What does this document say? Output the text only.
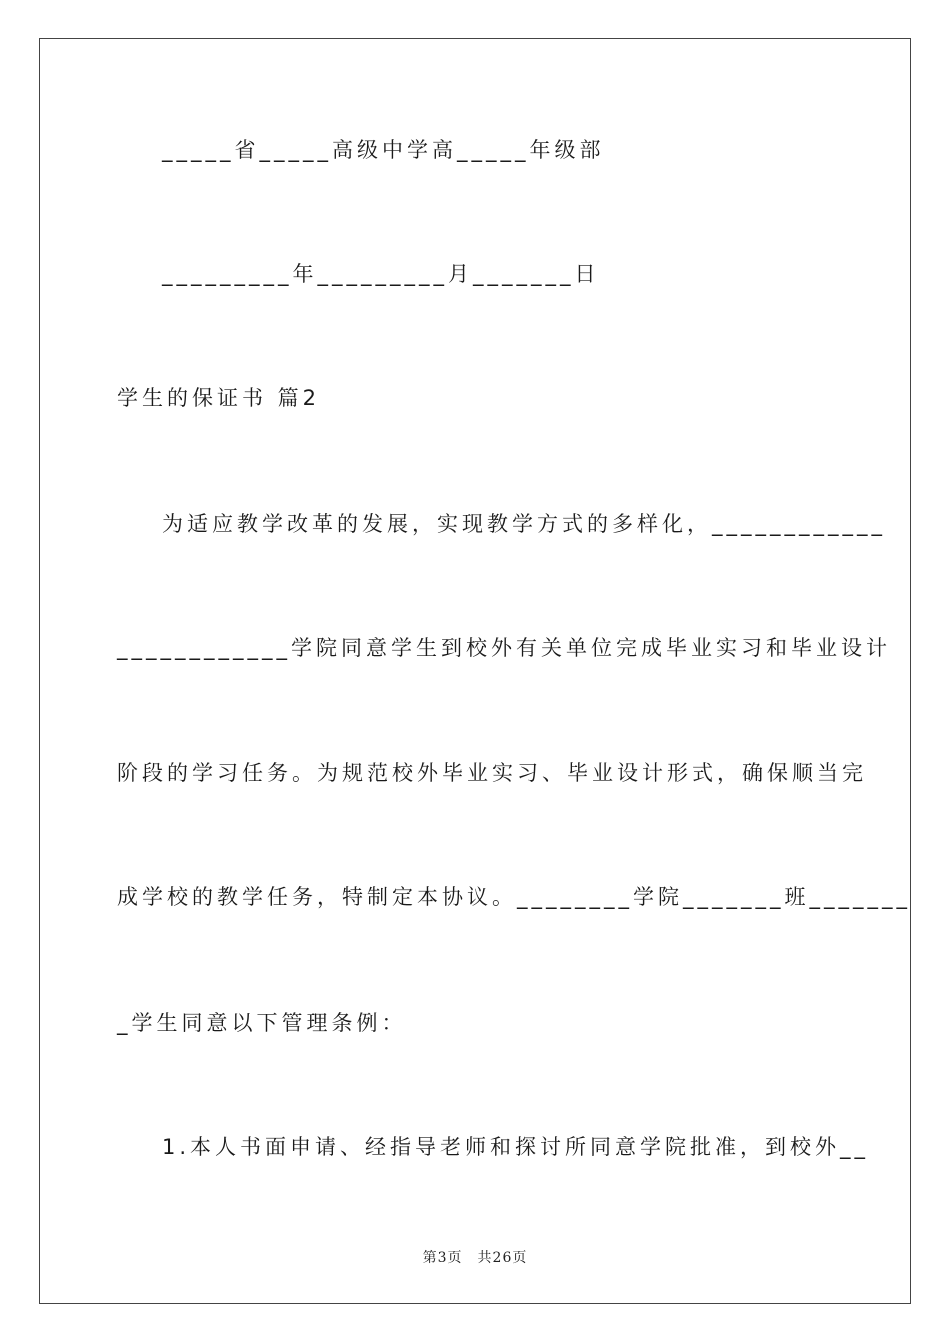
_____省_____高级中学高_____年级部

_________年_________月_______日

学生的保证书 篇2

为适应教学改革的发展，实现教学方式的多样化，____________

____________学院同意学生到校外有关单位完成毕业实习和毕业设计

阶段的学习任务。为规范校外毕业实习、毕业设计形式，确保顺当完

成学校的教学任务，特制定本协议。________学院_______班_______

_学生同意以下管理条例：

1.本人书面申请、经指导老师和探讨所同意学院批准，到校外__

第3页　共26页
